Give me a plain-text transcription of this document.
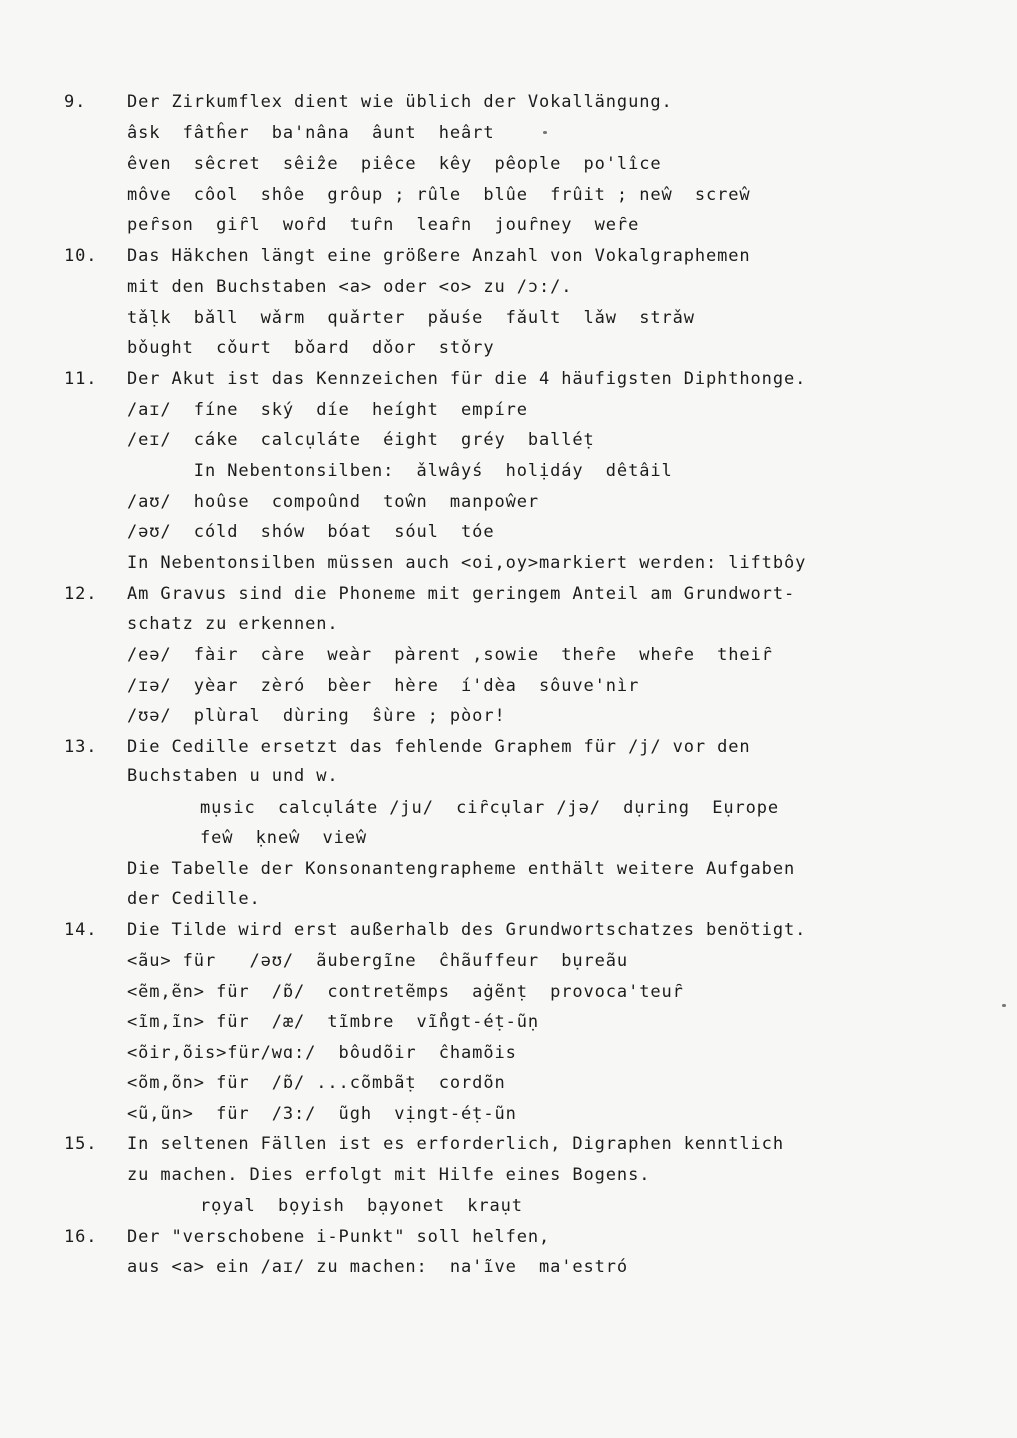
9. Der Zirkumflex dient wie üblich der Vokallängung.
âsk  fâtĥer  ba'nâna  âunt  heârt
êven  sêcret  sêiẑe  piêce  kêy  pêople  po'lîce
môve  côol  shôe  grôup ; rûle  blûe  frûit ; neŵ  screŵ
peȓson  giȓl  woȓd  tuȓn  leaȓn  jouȓney  weȓe
10. Das Häkchen längt eine größere Anzahl von Vokalgraphemen
mit den Buchstaben <a> oder <o> zu /ɔ:/.
tǎḷk  bǎll  wǎrm  quǎrter  pǎuśe  fǎult  lǎw  strǎw
bǒught  cǒurt  bǒard  dǒor  stǒry
11. Der Akut ist das Kennzeichen für die 4 häufigsten Diphthonge.
/aɪ/  fíne  ský  díe  heíght  empíre
/eɪ/  cáke  calcụláte  éight  gréy  balléṭ
In Nebentonsilben:  ǎlwâyś  holịdáy  dêtâil
/aʊ/  hoûse  compoûnd  toŵn  manpoŵer
/əʊ/  cóld  shów  bóat  sóul  tóe
In Nebentonsilben müssen auch <oi,oy>markiert werden: liftbôy
12. Am Gravus sind die Phoneme mit geringem Anteil am Grundwort-
schatz zu erkennen.
/eə/  fàir  càre  weàr  pàrent ,sowie  theȓe  wheȓe  theiȓ
/ɪə/  yèar  zèró  bèer  hère  í'dèa  sôuve'nìr
/ʊə/  plùral  dùring  ŝùre ; pòor!
13. Die Cedille ersetzt das fehlende Graphem für /j/ vor den
Buchstaben u und w.
mụsic  calcụláte /ju/  ciȓcụlar /jə/  dụring  Eụrope
feŵ  ḳneŵ  vieŵ
Die Tabelle der Konsonantengrapheme enthält weitere Aufgaben
der Cedille.
14. Die Tilde wird erst außerhalb des Grundwortschatzes benötigt.
<ãu> für   /əʊ/  ãubergĩne  ĉhãuffeur  bụreãu
<ẽm,ẽn> für  /ɒ̃/  contretẽmps  aġẽnṭ  provoca'teuȓ
<ĩm,ĩn> für  /æ/  tĩmbre  vĩn̊gt-éṭ-ũṇ
<õir,õis>für/wɑ:/  bôudõir  ĉhamõis
<õm,õn> für  /ɒ̃/ ...cõmbãṭ  cordõn
<ũ,ũn>  für  /3:/  ũgh  vịngt-éṭ-ũn
15. In seltenen Fällen ist es erforderlich, Digraphen kenntlich
zu machen. Dies erfolgt mit Hilfe eines Bogens.
rọyal  bọyish  bạyonet  kraụt
16. Der "verschobene i-Punkt" soll helfen,
aus <a> ein /aɪ/ zu machen:  na'ĩve  ma'estró
